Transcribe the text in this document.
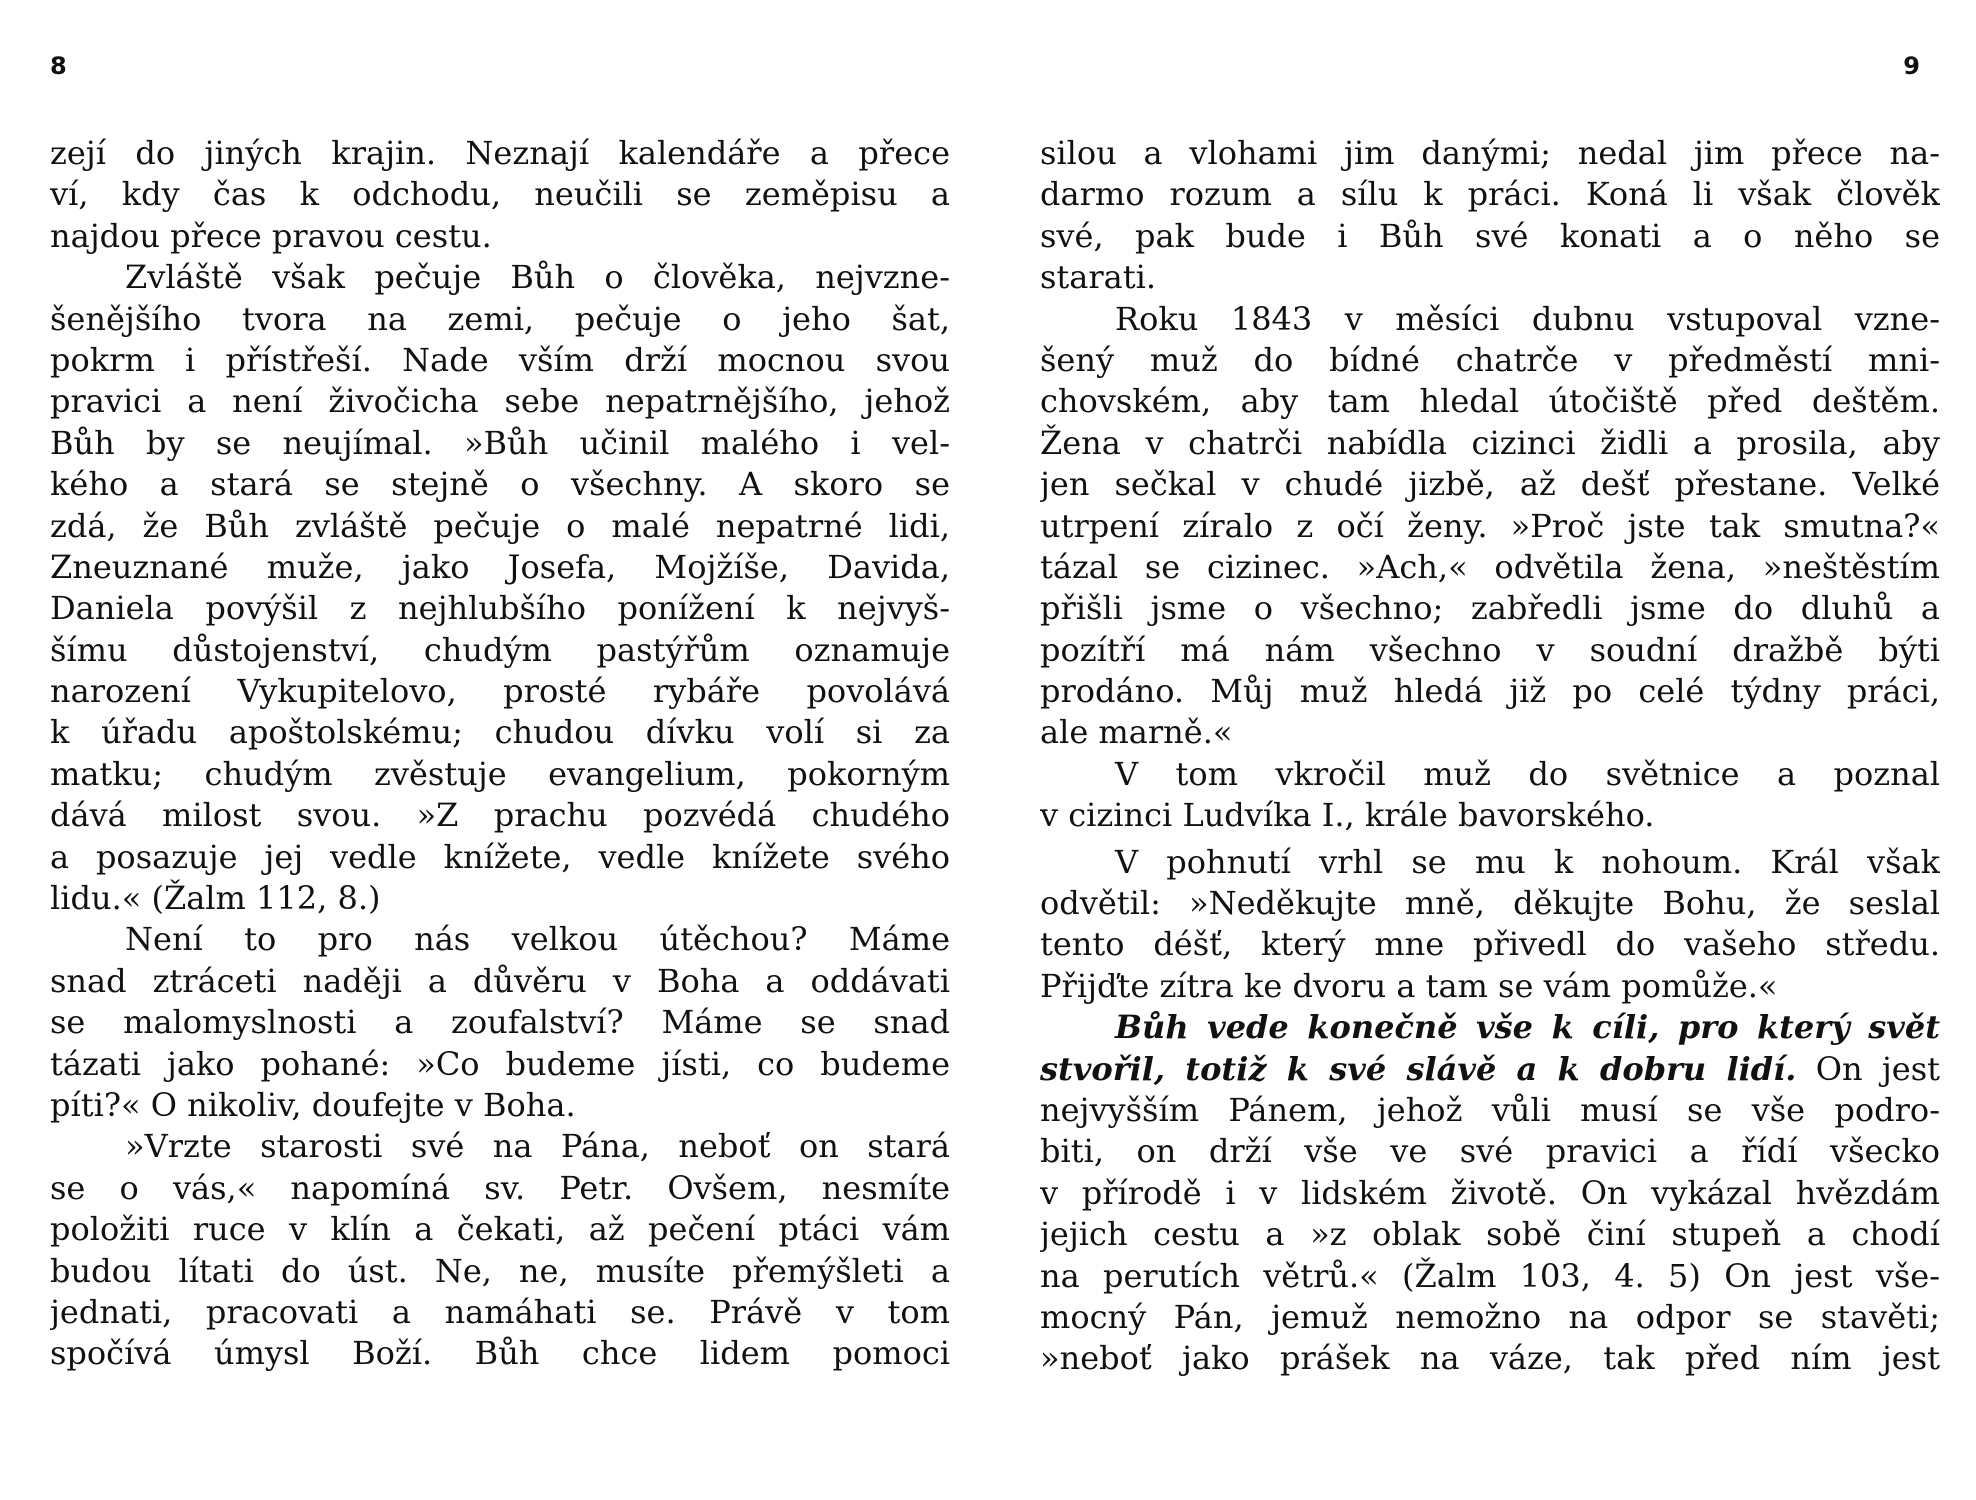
8
zejí do jiných krajin. Neznají kalendáře a přece
ví, kdy čas k odchodu, neučili se zeměpisu a
najdou přece pravou cestu.
Zvláště však pečuje Bůh o člověka, nejvzne-
šenějšího tvora na zemi, pečuje o jeho šat,
pokrm i přístřeší. Nade vším drží mocnou svou
pravici a není živočicha sebe nepatrnějšího, jehož
Bůh by se neujímal. »Bůh učinil malého i vel-
kého a stará se stejně o všechny. A skoro se
zdá, že Bůh zvláště pečuje o malé nepatrné lidi,
Zneuznané muže, jako Josefa, Mojžíše, Davida,
Daniela povýšil z nejhlubšího ponížení k nejvyš-
šímu důstojenství, chudým pastýřům oznamuje
narození Vykupitelovo, prosté rybáře povolává
k úřadu apoštolskému; chudou dívku volí si za
matku; chudým zvěstuje evangelium, pokorným
dává milost svou. »Z prachu pozvédá chudého
a posazuje jej vedle knížete, vedle knížete svého
lidu.« (Žalm 112, 8.)
Není to pro nás velkou útěchou? Máme
snad ztráceti naději a důvěru v Boha a oddávati
se malomyslnosti a zoufalství? Máme se snad
tázati jako pohané: »Co budeme jísti, co budeme
píti?« O nikoliv, doufejte v Boha.
»Vrzte starosti své na Pána, neboť on stará
se o vás,« napomíná sv. Petr. Ovšem, nesmíte
položiti ruce v klín a čekati, až pečení ptáci vám
budou lítati do úst. Ne, ne, musíte přemýšleti a
jednati, pracovati a namáhati se. Právě v tom
spočívá úmysl Boží. Bůh chce lidem pomoci
9
silou a vlohami jim danými; nedal jim přece na-
darmo rozum a sílu k práci. Koná li však člověk
své, pak bude i Bůh své konati a o něho se
starati.
Roku 1843 v měsíci dubnu vstupoval vzne-
šený muž do bídné chatrče v předměstí mni-
chovském, aby tam hledal útočiště před deštěm.
Žena v chatrči nabídla cizinci židli a prosila, aby
jen sečkal v chudé jizbě, až dešť přestane. Velké
utrpení zíralo z očí ženy. »Proč jste tak smutna?«
tázal se cizinec. »Ach,« odvětila žena, »neštěstím
přišli jsme o všechno; zabředli jsme do dluhů a
pozítří má nám všechno v soudní dražbě býti
prodáno. Můj muž hledá již po celé týdny práci,
ale marně.«
V tom vkročil muž do světnice a poznal
v cizinci Ludvíka I., krále bavorského.
V pohnutí vrhl se mu k nohoum. Král však
odvětil: »Neděkujte mně, děkujte Bohu, že seslal
tento déšť, který mne přivedl do vašeho středu.
Přijďte zítra ke dvoru a tam se vám pomůže.«
Bůh vede konečně vše k cíli, pro který svět
stvořil, totiž k své slávě a k dobru lidí. On jest
nejvyšším Pánem, jehož vůli musí se vše podro-
biti, on drží vše ve své pravici a řídí všecko
v přírodě i v lidském životě. On vykázal hvězdám
jejich cestu a »z oblak sobě činí stupeň a chodí
na perutích větrů.« (Žalm 103, 4. 5) On jest vše-
mocný Pán, jemuž nemožno na odpor se stavěti;
»neboť jako prášek na váze, tak před ním jest
